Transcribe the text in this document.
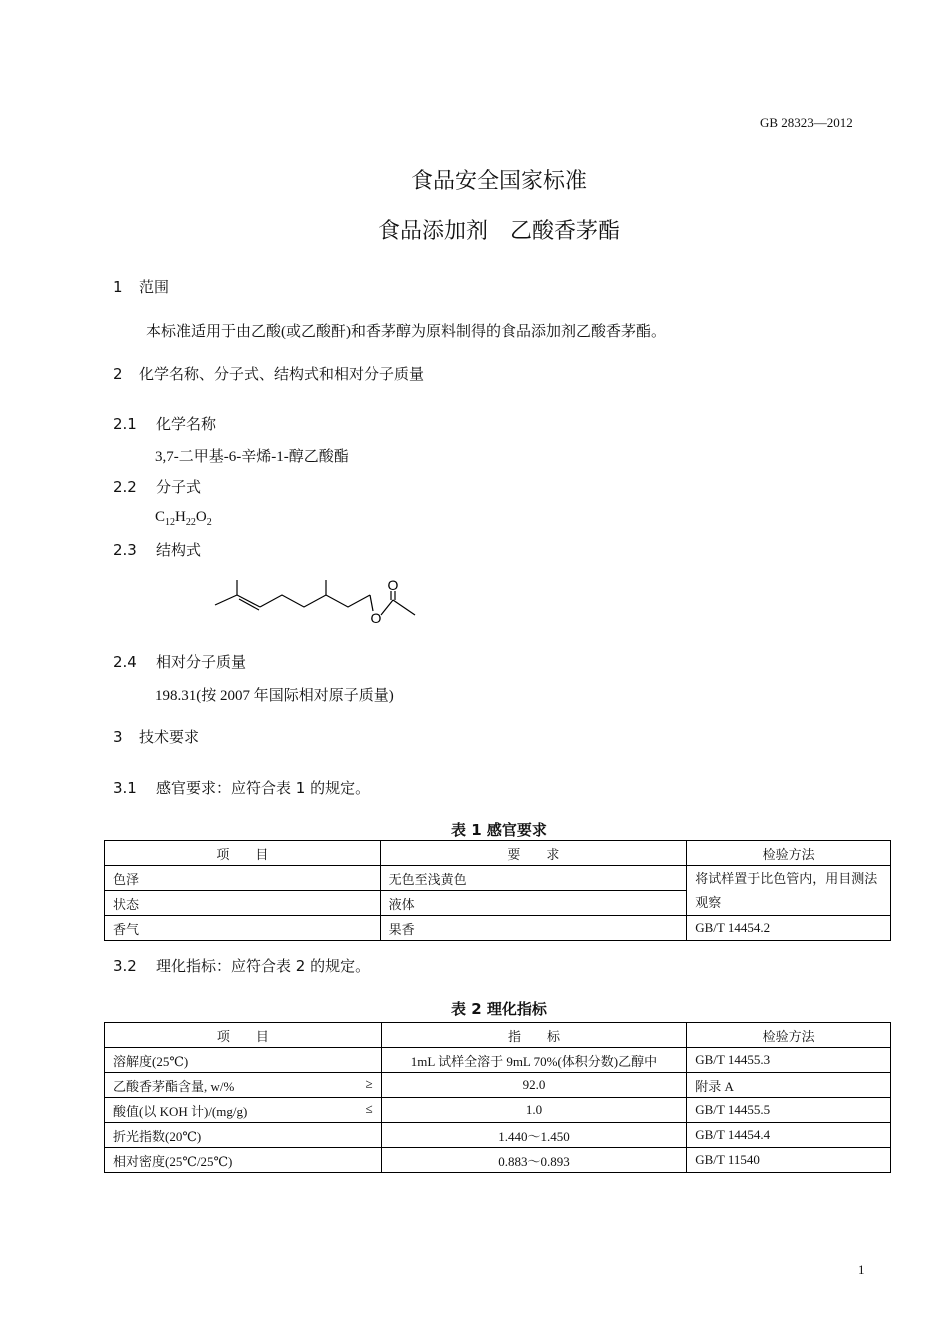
GB 28323—2012
食品安全国家标准
食品添加剂　乙酸香茅酯
1 范围
本标准适用于由乙酸(或乙酸酐)和香茅醇为原料制得的食品添加剂乙酸香茅酯。
2 化学名称、分子式、结构式和相对分子质量
2.1 化学名称
3,7-二甲基-6-辛烯-1-醇乙酸酯
2.2 分子式
$C_{12}H_{22}O_2$
2.3 结构式
O
O
2.4 相对分子质量
198.31(按 2007 年国际相对原子质量)
3 技术要求
3.1 感官要求：应符合表 1 的规定。
表 1 感官要求
项　　目	要　　求	检验方法
色泽	无色至浅黄色	将试样置于比色管内，用目测法观察
状态	液体	
香气	果香	GB/T 14454.2
3.2 理化指标：应符合表 2 的规定。
表 2 理化指标
项　　目	指　　标	检验方法
溶解度(25℃)	1mL 试样全溶于 9mL 70%(体积分数)乙醇中	GB/T 14455.3
乙酸香茅酯含量, w/% ≥	92.0	附录 A
酸值(以 KOH 计)/(mg/g) ≤	1.0	GB/T 14455.5
折光指数(20℃)	1.440～1.450	GB/T 14454.4
相对密度(25℃/25℃)	0.883～0.893	GB/T 11540
1
